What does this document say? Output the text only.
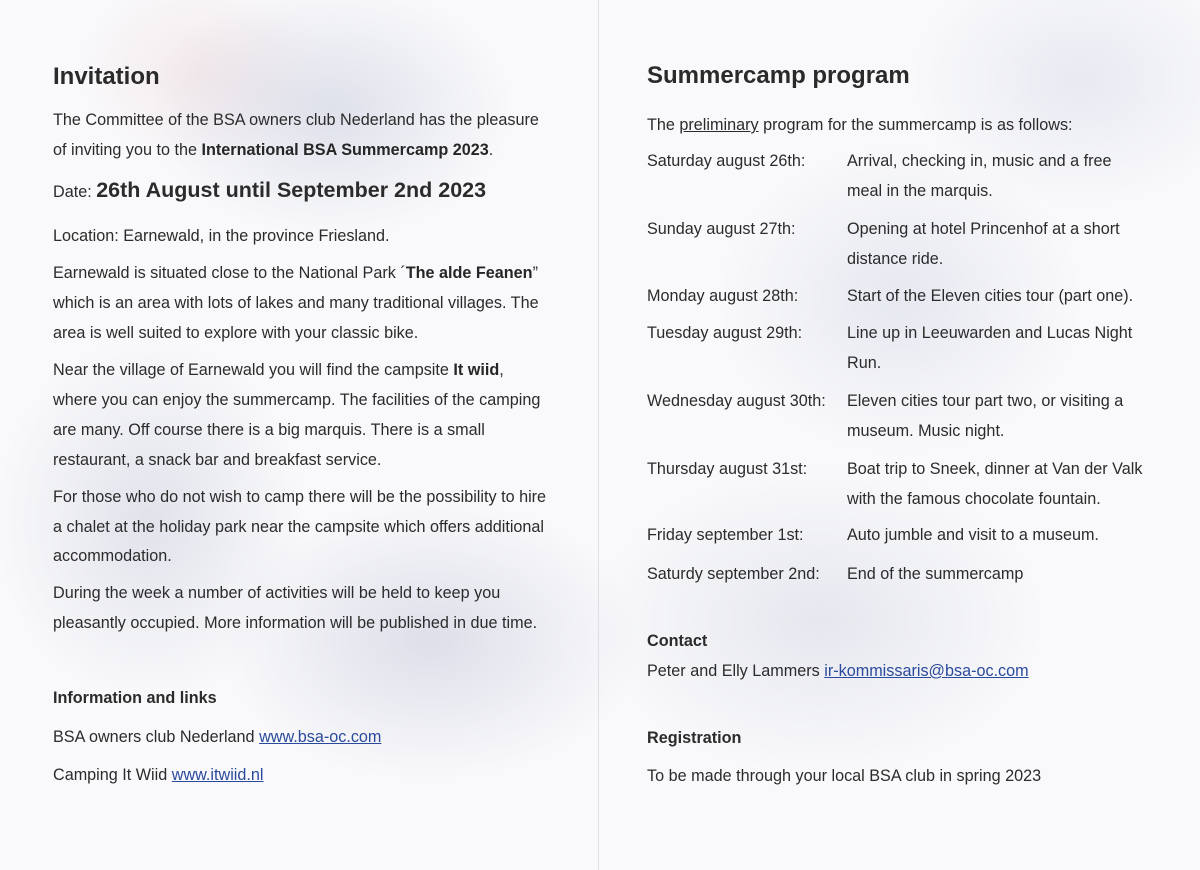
Invitation

The Committee of the BSA owners club Nederland has the pleasure

of inviting you to the International BSA Summercamp 2023.

Date: 26th August until September 2nd 2023

Location: Earnewald, in the province Friesland.

Earnewald is situated close to the National Park ´The alde Feanen”

which is an area with lots of lakes and many traditional villages. The

area is well suited to explore with your classic bike.

Near the village of Earnewald you will find the campsite It wiid,

where you can enjoy the summercamp. The facilities of the camping

are many. Off course there is a big marquis. There is a small

restaurant, a snack bar and breakfast service.

For those who do not wish to camp there will be the possibility to hire

a chalet at the holiday park near the campsite which offers additional

accommodation.

During the week a number of activities will be held to keep you

pleasantly occupied. More information will be published in due time.

Information and links

BSA owners club Nederland www.bsa-oc.com

Camping It Wiid www.itwiid.nl

Summercamp program

The preliminary program for the summercamp is as follows:

Saturday august 26th:	Arrival, checking in, music and a free
meal in the marquis.
Sunday august 27th:	Opening at hotel Princenhof at a short
distance ride.
Monday august 28th:	Start of the Eleven cities tour (part one).
Tuesday august 29th:	Line up in Leeuwarden and Lucas Night
Run.
Wednesday august 30th:	Eleven cities tour part two, or visiting a
museum. Music night.
Thursday august 31st:	Boat trip to Sneek, dinner at Van der Valk
with the famous chocolate fountain.
Friday september 1st:	Auto jumble and visit to a museum.
Saturdy september 2nd:	End of the summercamp
Contact

Peter and Elly Lammers ir-kommissaris@bsa-oc.com

Registration

To be made through your local BSA club in spring 2023
